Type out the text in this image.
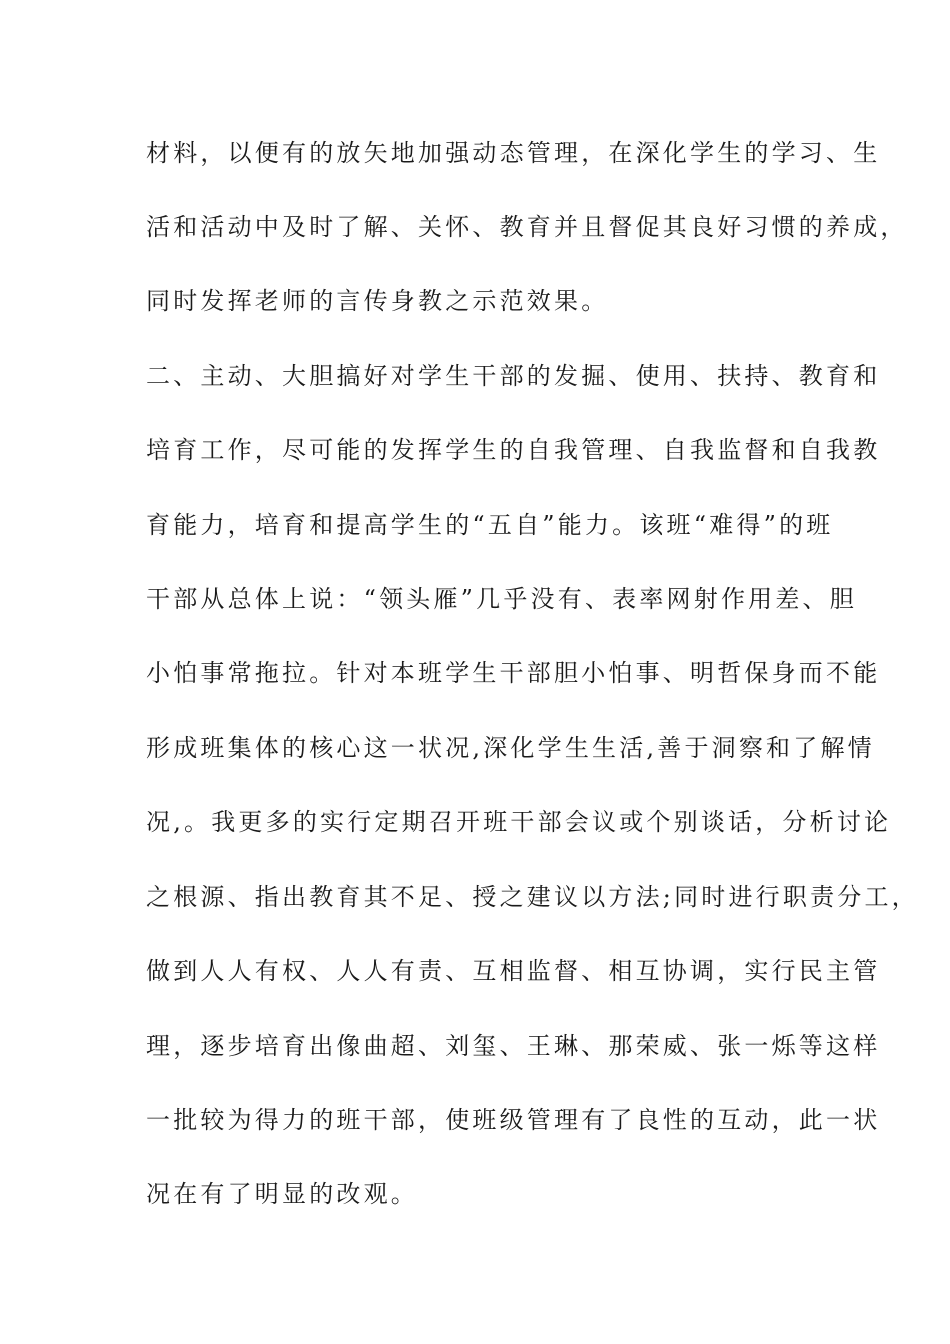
材料，以便有的放矢地加强动态管理，在深化学生的学习、生
活和活动中及时了解、关怀、教育并且督促其良好习惯的养成，
同时发挥老师的言传身教之示范效果。
二、主动、大胆搞好对学生干部的发掘、使用、扶持、教育和
培育工作，尽可能的发挥学生的自我管理、自我监督和自我教
育能力，培育和提高学生的“五自”能力。该班“难得”的班
干部从总体上说：“领头雁”几乎没有、表率网射作用差、胆
小怕事常拖拉。针对本班学生干部胆小怕事、明哲保身而不能
形成班集体的核心这一状况,深化学生生活,善于洞察和了解情
况,。我更多的实行定期召开班干部会议或个别谈话，分析讨论
之根源、指出教育其不足、授之建议以方法;同时进行职责分工，
做到人人有权、人人有责、互相监督、相互协调，实行民主管
理，逐步培育出像曲超、刘玺、王琳、那荣威、张一烁等这样
一批较为得力的班干部，使班级管理有了良性的互动，此一状
况在有了明显的改观。
